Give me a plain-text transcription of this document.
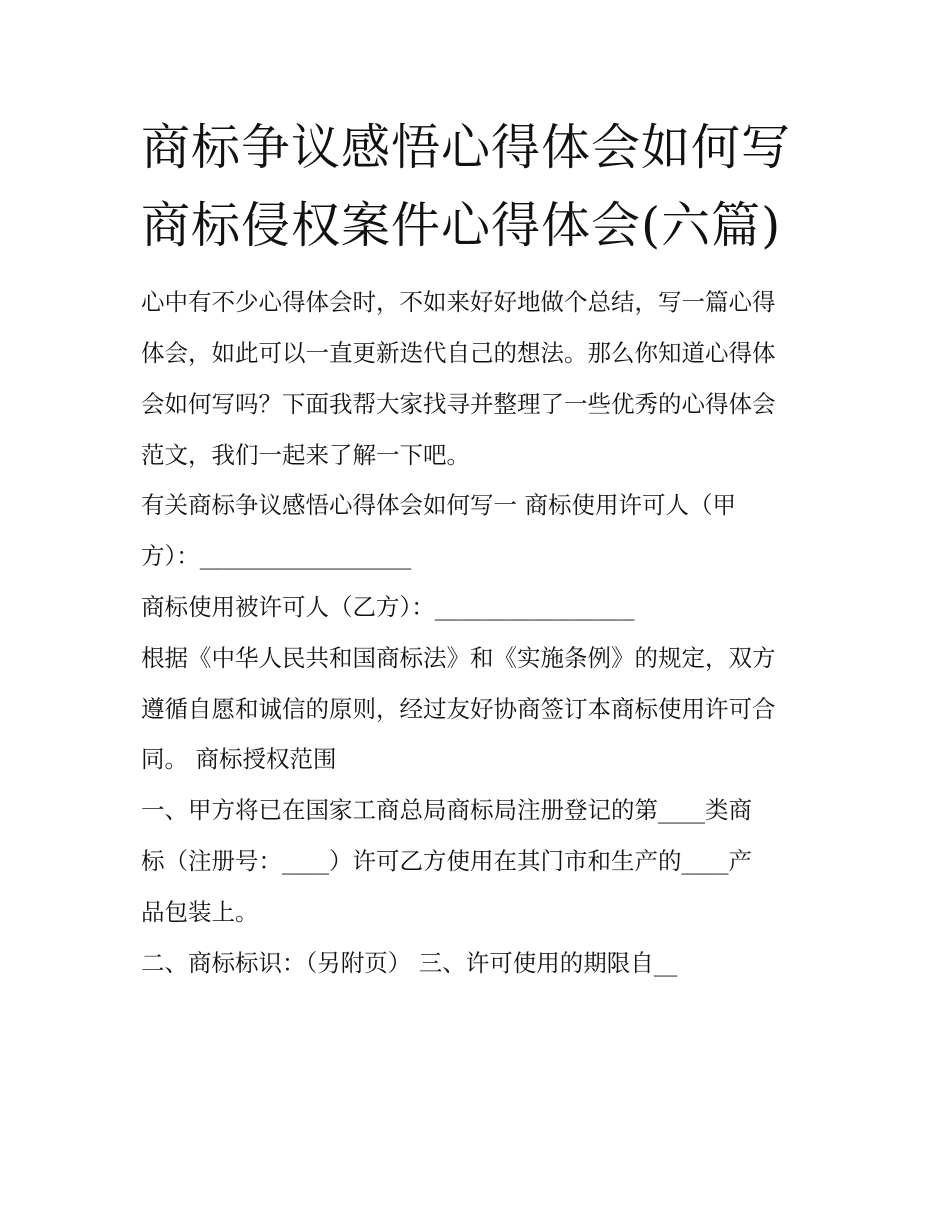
商标争议感悟心得体会如何写
商标侵权案件心得体会(六篇)

心中有不少心得体会时，不如来好好地做个总结，写一篇心得

体会，如此可以一直更新迭代自己的想法。那么你知道心得体

会如何写吗？下面我帮大家找寻并整理了一些优秀的心得体会

范文，我们一起来了解一下吧。

有关商标争议感悟心得体会如何写一 商标使用许可人（甲

方）：__________________

商标使用被许可人（乙方）：_________________

根据《中华人民共和国商标法》和《实施条例》的规定，双方

遵循自愿和诚信的原则，经过友好协商签订本商标使用许可合

同。 商标授权范围

一、甲方将已在国家工商总局商标局注册登记的第____类商

标（注册号：____）许可乙方使用在其门市和生产的____产

品包装上。

二、商标标识：（另附页） 三、许可使用的期限自__
